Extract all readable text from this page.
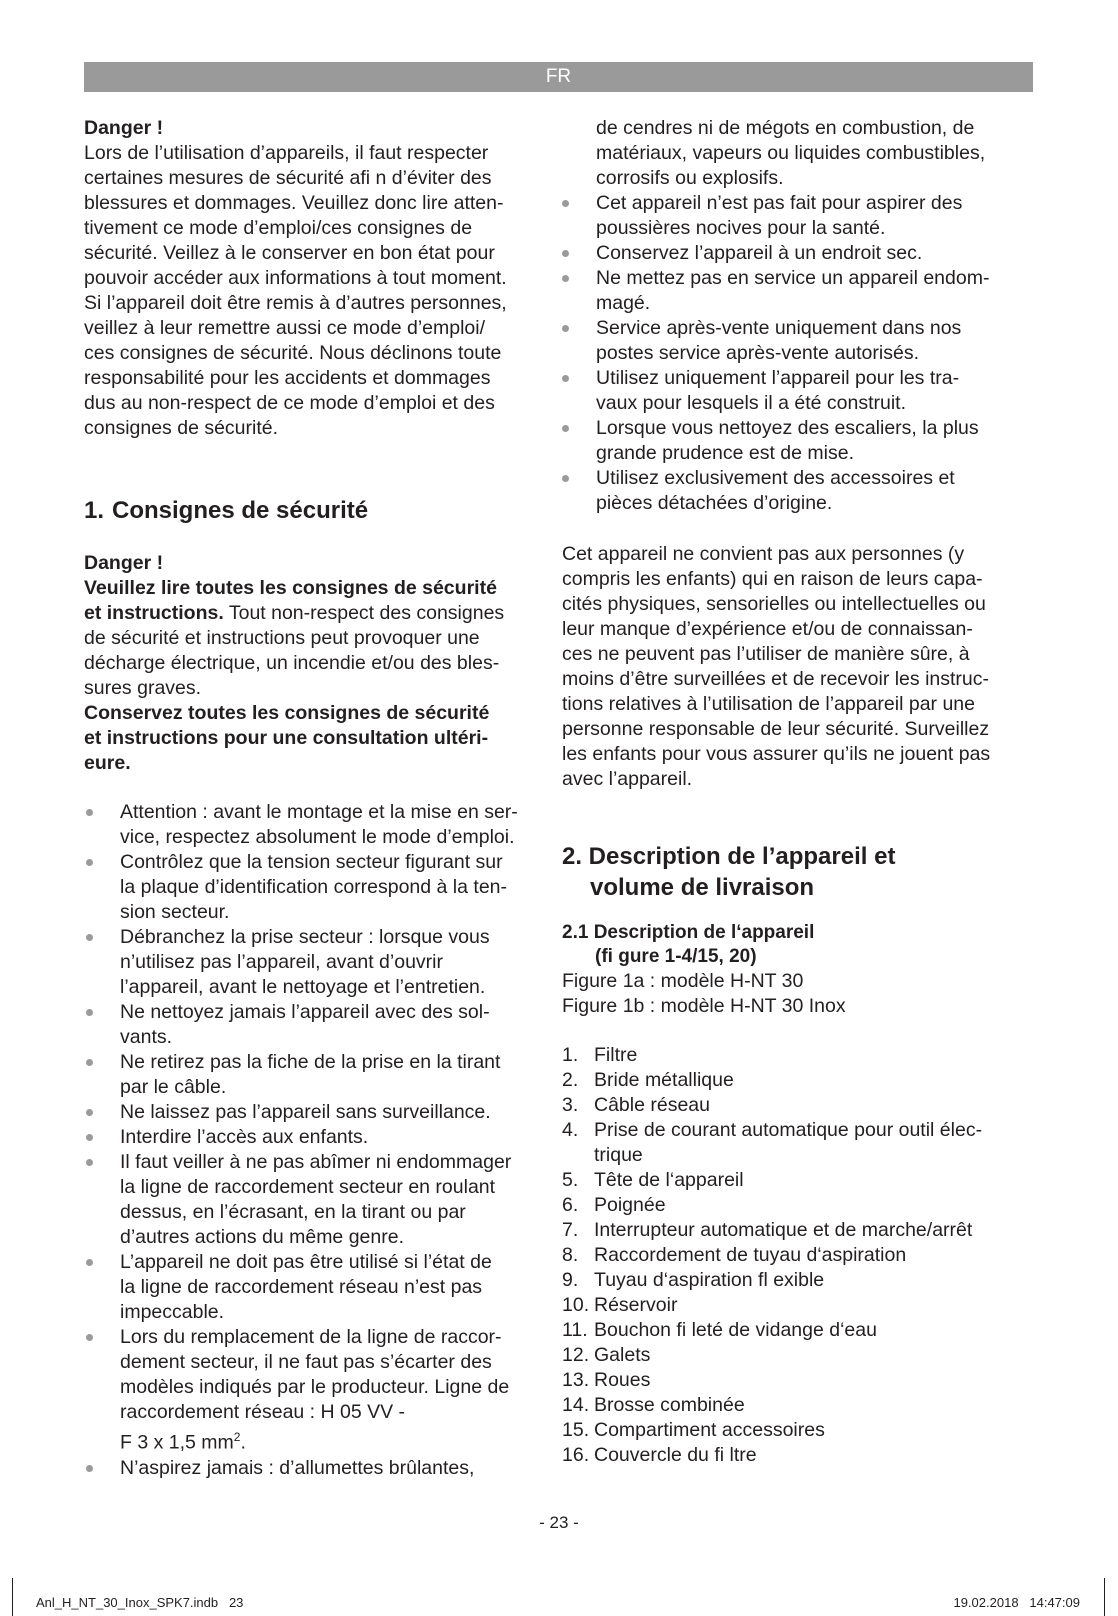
FR

Danger !

Lors de l’utilisation d’appareils, il faut respecter

certaines mesures de sécurité afi n d’éviter des

blessures et dommages. Veuillez donc lire atten-

tivement ce mode d’emploi/ces consignes de

sécurité. Veillez à le conserver en bon état pour

pouvoir accéder aux informations à tout moment.

Si l’appareil doit être remis à d’autres personnes,

veillez à leur remettre aussi ce mode d’emploi/

ces consignes de sécurité. Nous déclinons toute

responsabilité pour les accidents et dommages

dus au non-respect de ce mode d’emploi et des

consignes de sécurité.

1. Consignes de sécurité

Danger !

Veuillez lire toutes les consignes de sécurité

et instructions. Tout non-respect des consignes

de sécurité et instructions peut provoquer une

décharge électrique, un incendie et/ou des bles-

sures graves.

Conservez toutes les consignes de sécurité

et instructions pour une consultation ultéri-

eure.

Attention : avant le montage et la mise en ser-
vice, respectez absolument le mode d’emploi.
Contrôlez que la tension secteur figurant sur
la plaque d’identification correspond à la ten-
sion secteur.
Débranchez la prise secteur : lorsque vous
n’utilisez pas l’appareil, avant d’ouvrir
l’appareil, avant le nettoyage et l’entretien.
Ne nettoyez jamais l’appareil avec des sol-
vants.
Ne retirez pas la fiche de la prise en la tirant
par le câble.
Ne laissez pas l’appareil sans surveillance.
Interdire l’accès aux enfants.
Il faut veiller à ne pas abîmer ni endommager
la ligne de raccordement secteur en roulant
dessus, en l’écrasant, en la tirant ou par
d’autres actions du même genre.
L’appareil ne doit pas être utilisé si l’état de
la ligne de raccordement réseau n’est pas
impeccable.
Lors du remplacement de la ligne de raccor-
dement secteur, il ne faut pas s’écarter des
modèles indiqués par le producteur. Ligne de
raccordement réseau : H 05 VV -
F 3 x 1,5 $mm^2$.
N’aspirez jamais : d’allumettes brûlantes,

de cendres ni de mégots en combustion, de

matériaux, vapeurs ou liquides combustibles,

corrosifs ou explosifs.

Cet appareil n’est pas fait pour aspirer des
poussières nocives pour la santé.
Conservez l’appareil à un endroit sec.
Ne mettez pas en service un appareil endom-
magé.
Service après-vente uniquement dans nos
postes service après-vente autorisés.
Utilisez uniquement l’appareil pour les tra-
vaux pour lesquels il a été construit.
Lorsque vous nettoyez des escaliers, la plus
grande prudence est de mise.
Utilisez exclusivement des accessoires et
pièces détachées d’origine.

Cet appareil ne convient pas aux personnes (y

compris les enfants) qui en raison de leurs capa-

cités physiques, sensorielles ou intellectuelles ou

leur manque d’expérience et/ou de connaissan-

ces ne peuvent pas l’utiliser de manière sûre, à

moins d’être surveillées et de recevoir les instruc-

tions relatives à l’utilisation de l’appareil par une

personne responsable de leur sécurité. Surveillez

les enfants pour vous assurer qu’ils ne jouent pas

avec l’appareil.

2. Description de l’appareil et
volume de livraison
2.1 Description de l‘appareil
(fi gure 1-4/15, 20)

Figure 1a : modèle H-NT 30

Figure 1b : modèle H-NT 30 Inox

1. Filtre
2. Bride métallique
3. Câble réseau
4. Prise de courant automatique pour outil élec-
trique
5. Tête de l‘appareil
6. Poignée
7. Interrupteur automatique et de marche/arrêt
8. Raccordement de tuyau d‘aspiration
9. Tuyau d‘aspiration fl exible
10. Réservoir
11. Bouchon fi leté de vidange d‘eau
12. Galets
13. Roues
14. Brosse combinée
15. Compartiment accessoires
16. Couvercle du fi ltre
- 23 -
Anl_H_NT_30_Inox_SPK7.indb   23	19.02.2018   14:47:09
